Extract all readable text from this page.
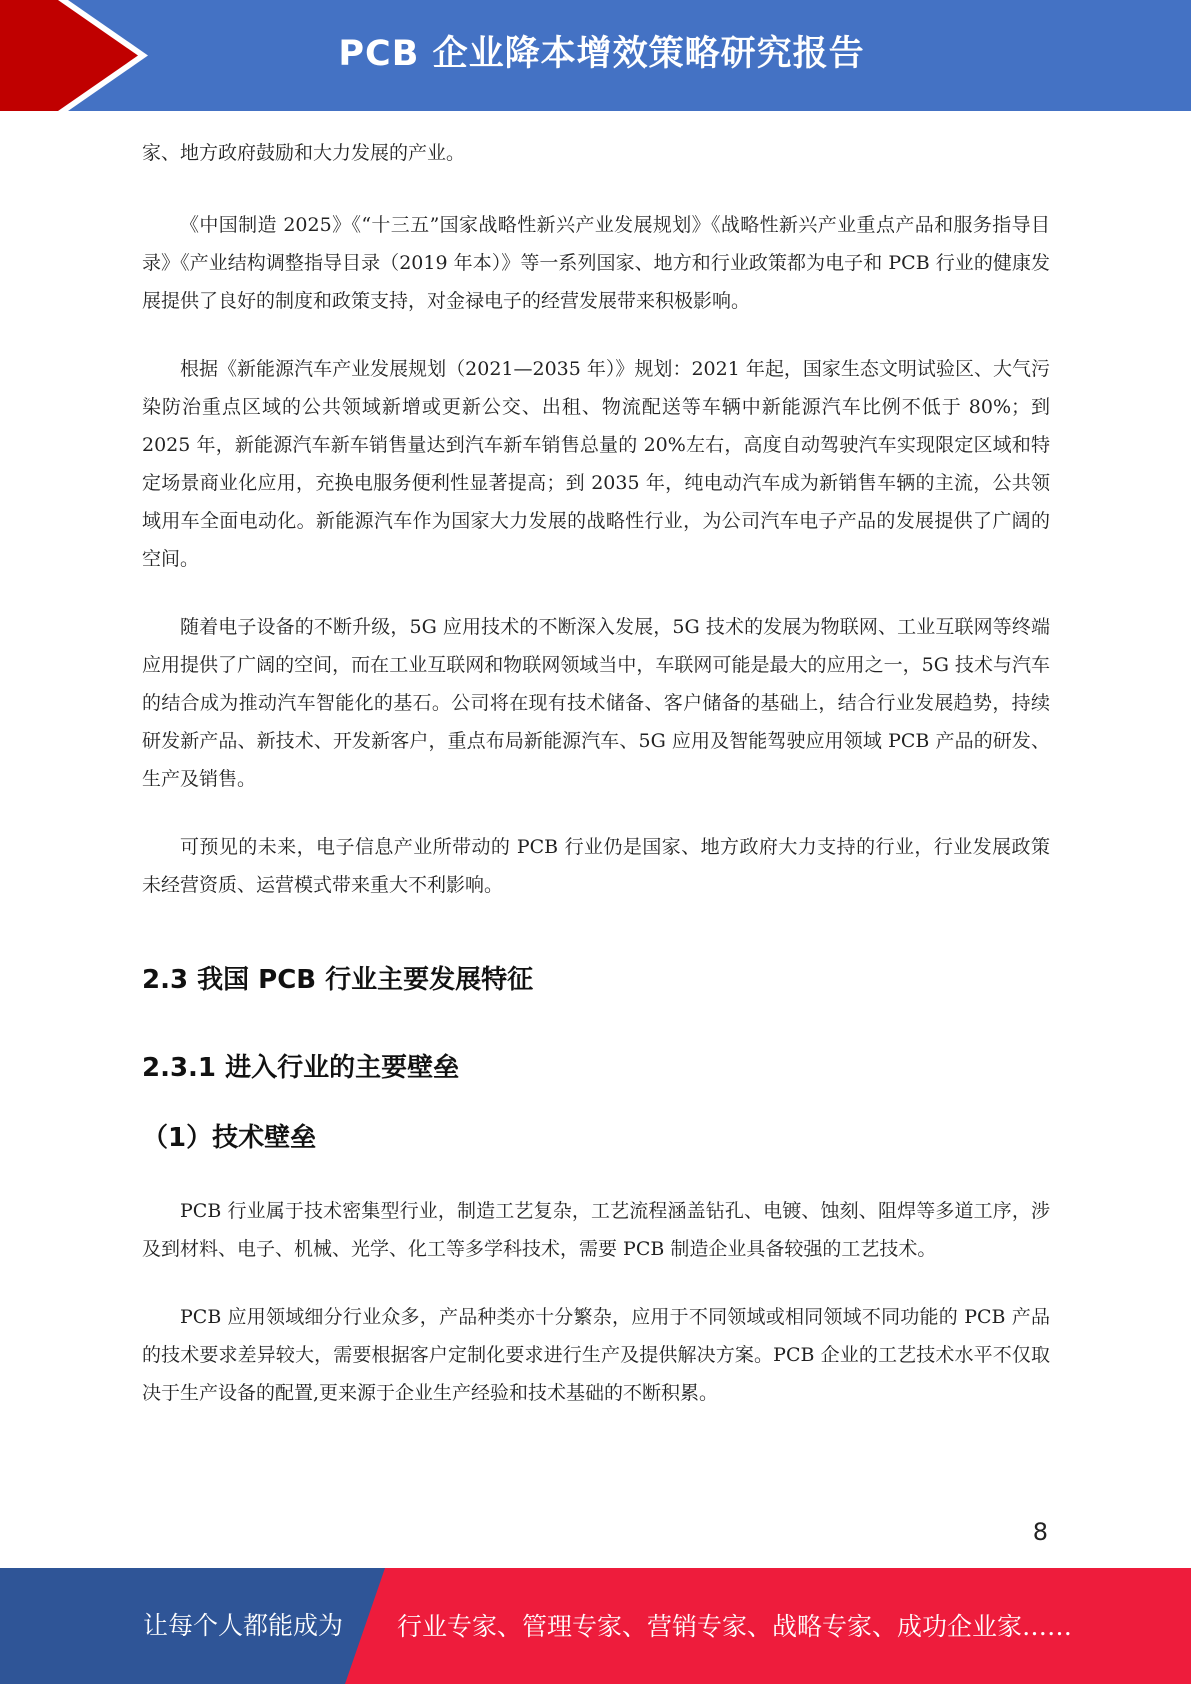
PCB 企业降本增效策略研究报告

家、地方政府鼓励和大力发展的产业。

《中国制造 2025》《“十三五”国家战略性新兴产业发展规划》《战略性新兴产业重点产品和服务指导目录》《产业结构调整指导目录（2019 年本）》等一系列国家、地方和行业政策都为电子和 PCB 行业的健康发展提供了良好的制度和政策支持，对金禄电子的经营发展带来积极影响。

根据《新能源汽车产业发展规划（2021—2035 年）》规划：2021 年起，国家生态文明试验区、大气污染防治重点区域的公共领域新增或更新公交、出租、物流配送等车辆中新能源汽车比例不低于 80%；到 2025 年，新能源汽车新车销售量达到汽车新车销售总量的 20%左右，高度自动驾驶汽车实现限定区域和特定场景商业化应用，充换电服务便利性显著提高；到 2035 年，纯电动汽车成为新销售车辆的主流，公共领域用车全面电动化。新能源汽车作为国家大力发展的战略性行业，为公司汽车电子产品的发展提供了广阔的空间。

随着电子设备的不断升级，5G 应用技术的不断深入发展，5G 技术的发展为物联网、工业互联网等终端应用提供了广阔的空间，而在工业互联网和物联网领域当中，车联网可能是最大的应用之一，5G 技术与汽车的结合成为推动汽车智能化的基石。公司将在现有技术储备、客户储备的基础上，结合行业发展趋势，持续研发新产品、新技术、开发新客户，重点布局新能源汽车、5G 应用及智能驾驶应用领域 PCB 产品的研发、生产及销售。

可预见的未来，电子信息产业所带动的 PCB 行业仍是国家、地方政府大力支持的行业，行业发展政策未经营资质、运营模式带来重大不利影响。

2.3 我国 PCB 行业主要发展特征
2.3.1 进入行业的主要壁垒
（1）技术壁垒

PCB 行业属于技术密集型行业，制造工艺复杂，工艺流程涵盖钻孔、电镀、蚀刻、阻焊等多道工序，涉及到材料、电子、机械、光学、化工等多学科技术，需要 PCB 制造企业具备较强的工艺技术。

PCB 应用领域细分行业众多，产品种类亦十分繁杂，应用于不同领域或相同领域不同功能的 PCB 产品的技术要求差异较大，需要根据客户定制化要求进行生产及提供解决方案。PCB 企业的工艺技术水平不仅取决于生产设备的配置,更来源于企业生产经验和技术基础的不断积累。

8
让每个人都能成为 行业专家、管理专家、营销专家、战略专家、成功企业家……
